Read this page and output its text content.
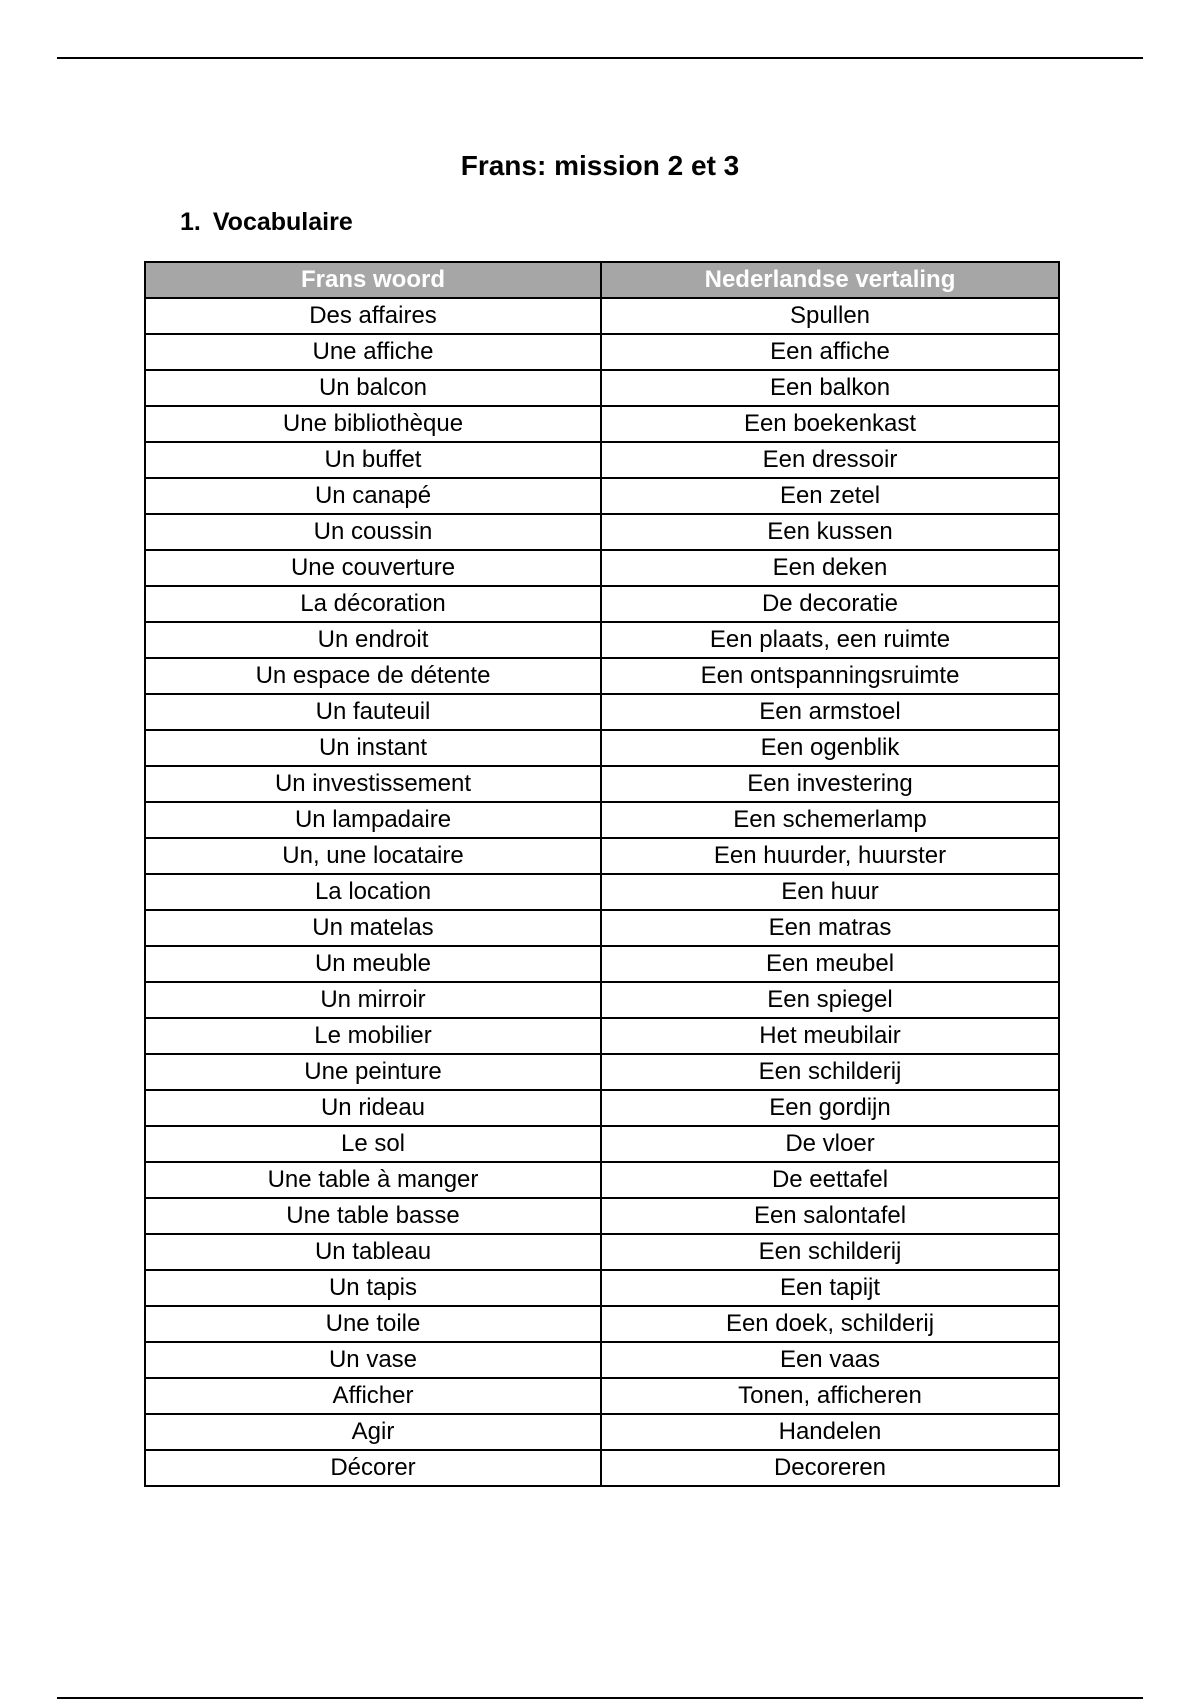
Frans: mission 2 et 3
1. Vocabulaire
Frans woord	Nederlandse vertaling
Des affaires	Spullen
Une affiche	Een affiche
Un balcon	Een balkon
Une bibliothèque	Een boekenkast
Un buffet	Een dressoir
Un canapé	Een zetel
Un coussin	Een kussen
Une couverture	Een deken
La décoration	De decoratie
Un endroit	Een plaats, een ruimte
Un espace de détente	Een ontspanningsruimte
Un fauteuil	Een armstoel
Un instant	Een ogenblik
Un investissement	Een investering
Un lampadaire	Een schemerlamp
Un, une locataire	Een huurder, huurster
La location	Een huur
Un matelas	Een matras
Un meuble	Een meubel
Un mirroir	Een spiegel
Le mobilier	Het meubilair
Une peinture	Een schilderij
Un rideau	Een gordijn
Le sol	De vloer
Une table à manger	De eettafel
Une table basse	Een salontafel
Un tableau	Een schilderij
Un tapis	Een tapijt
Une toile	Een doek, schilderij
Un vase	Een vaas
Afficher	Tonen, afficheren
Agir	Handelen
Décorer	Decoreren
